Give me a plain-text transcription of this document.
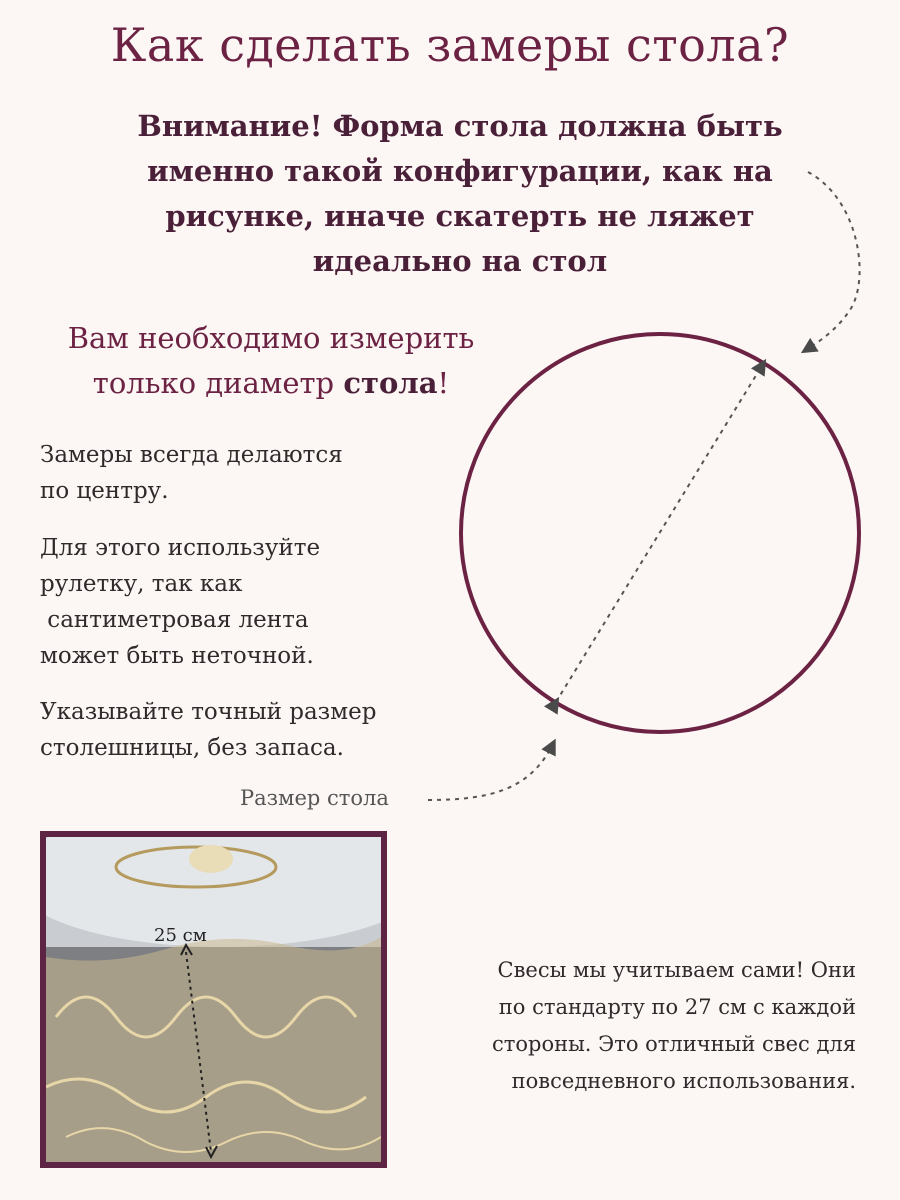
Как сделать замеры стола?
Внимание! Форма стола должна быть
именно такой конфигурации, как на
рисунке, иначе скатерть не ляжет
идеально на стол
Вам необходимо измерить
только диаметр стола!
Замеры всегда делаются
по центру.
Для этого используйте
рулетку, так как
сантиметровая лента
может быть неточной.
Указывайте точный размер
столешницы, без запаса.
Размер стола
25 см
Свесы мы учитываем сами! Они
по стандарту по 27 см с каждой
стороны. Это отличный свес для
повседневного использования.
